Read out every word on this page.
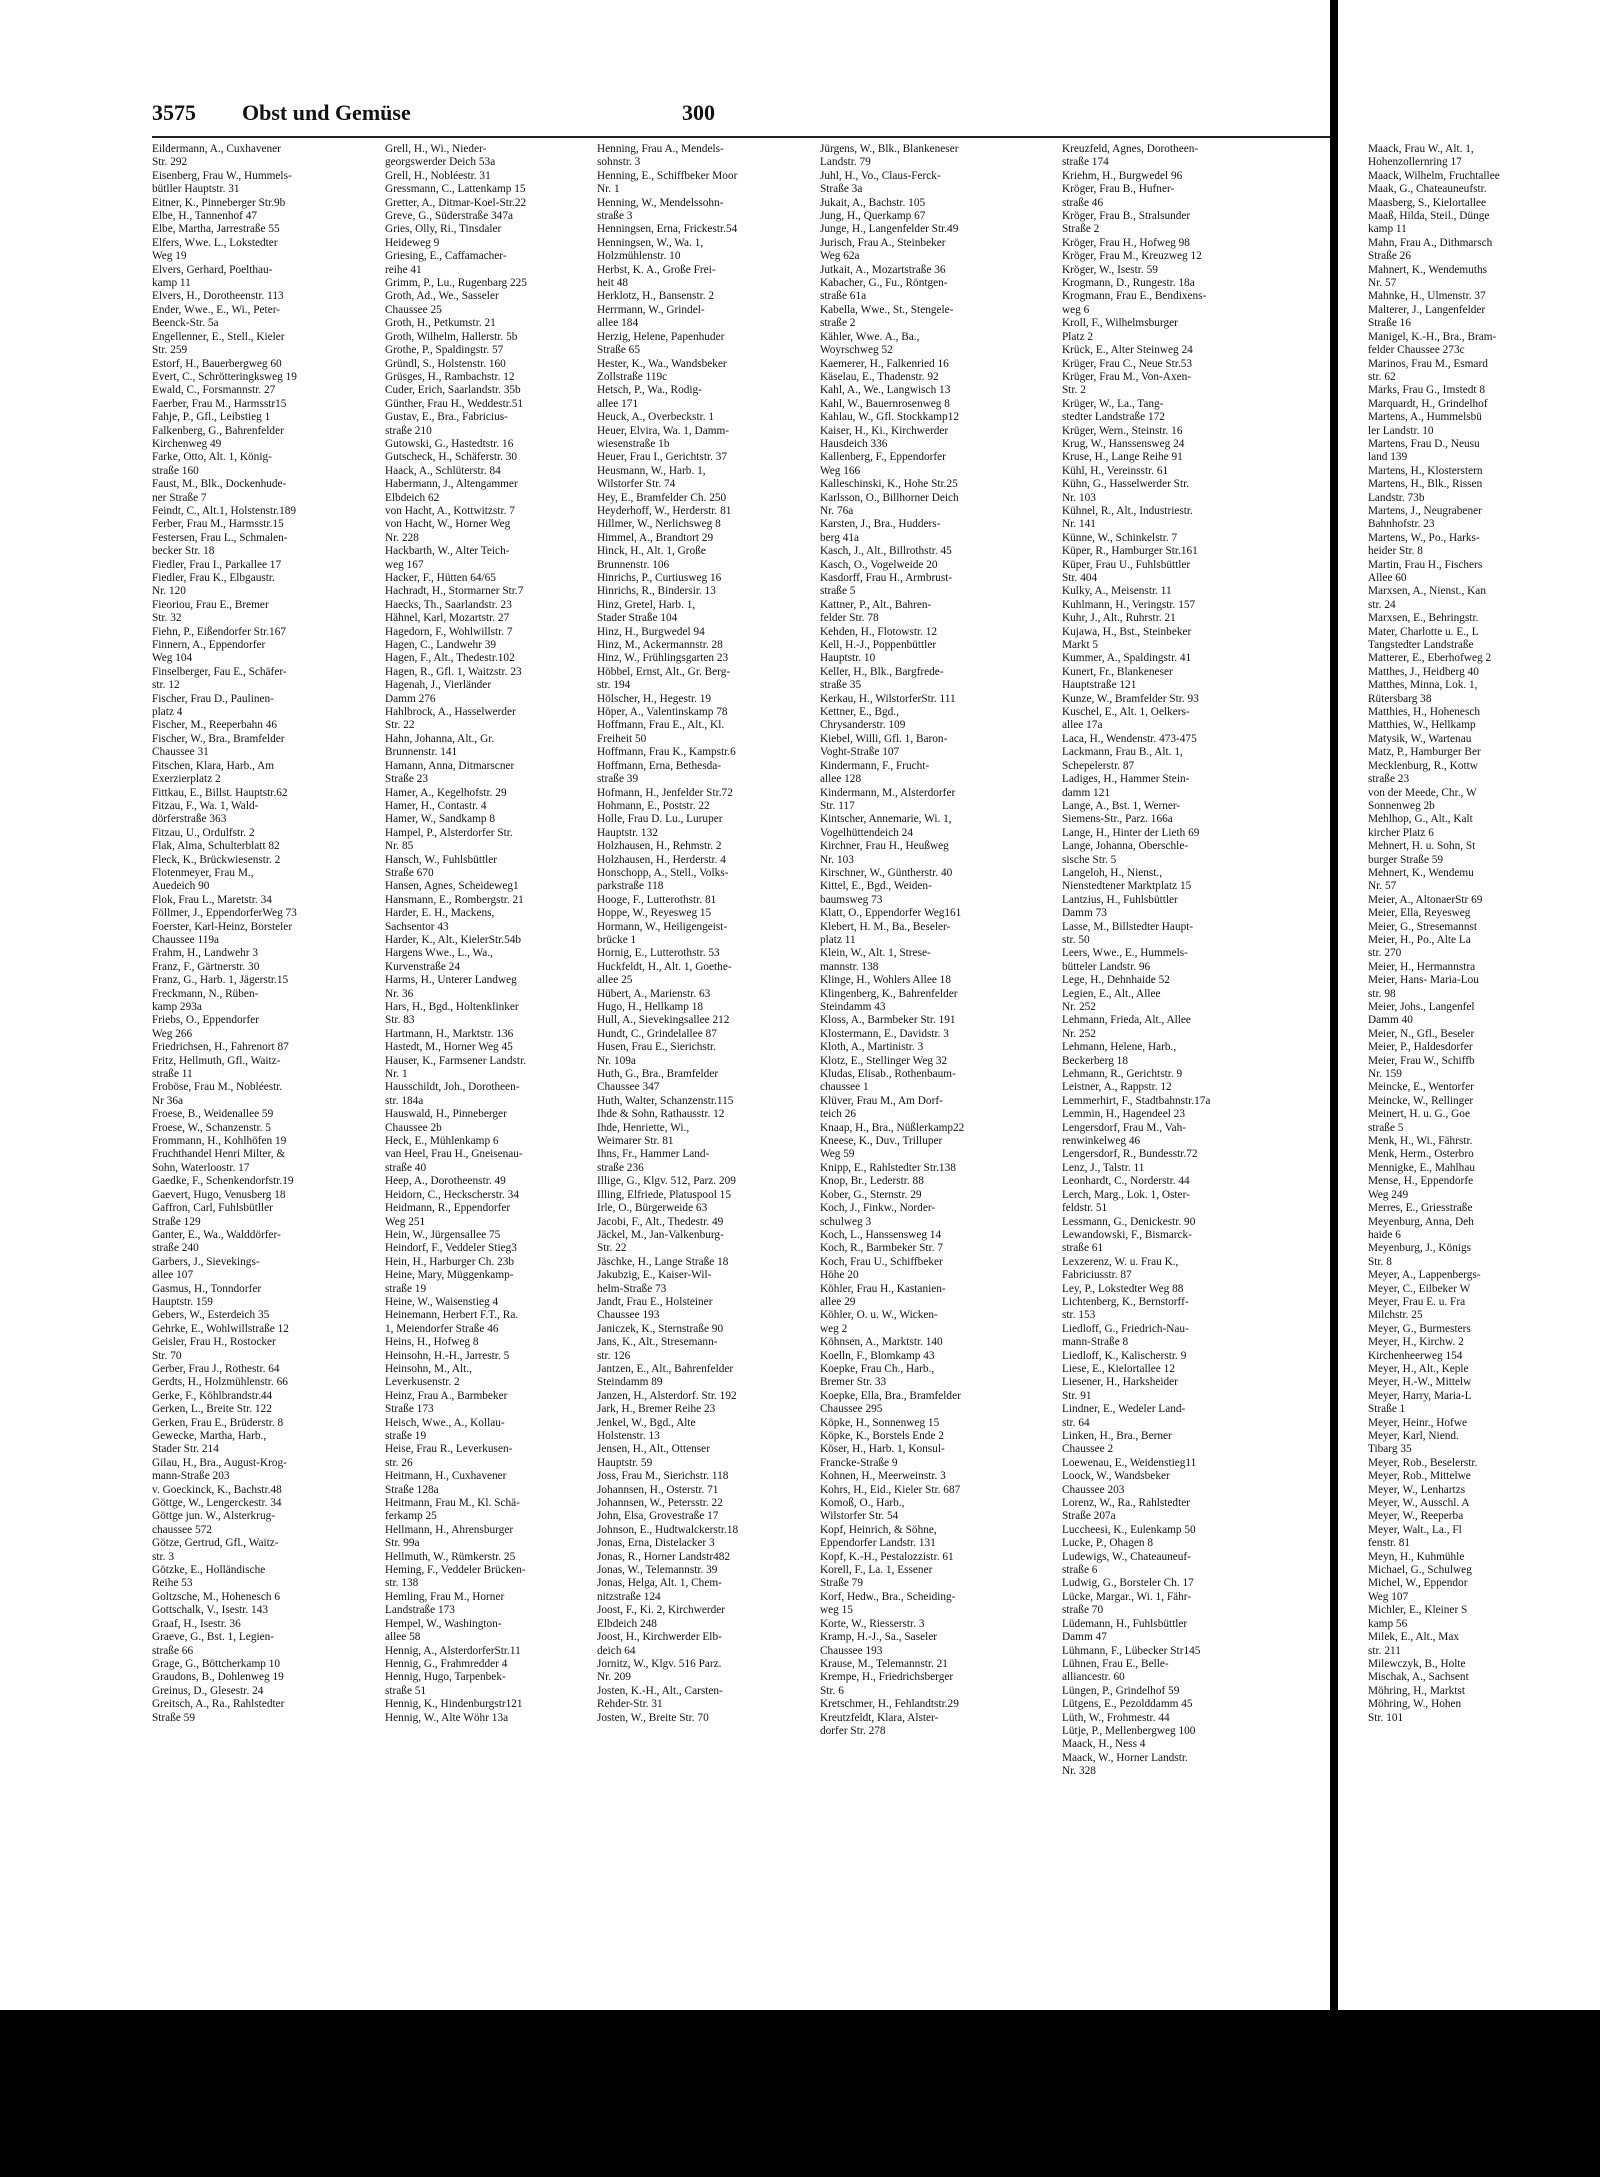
Maack, Frau W., Alt. 1,
Hohenzollernring 17
Maack, Wilhelm, Fruchtallee
Maak, G., Chateauneufstr.
Maasberg, S., Kielortallee
Maaß, Hilda, Steil., Dünge
kamp 11
Mahn, Frau A., Dithmarsch
Straße 26
Mahnert, K., Wendemuths
Nr. 57
Mahnke, H., Ulmenstr. 37
Malterer, J., Langenfelder
Straße 16
Manigel, K.-H., Bra., Bram-
felder Chaussee 273c
Marinos, Frau M., Esmard
str. 62
Marks, Frau G., Imstedt 8
Marquardt, H., Grindelhof
Martens, A., Hummelsbü
ler Landstr. 10
Martens, Frau D., Neusu
land 139
Martens, H., Klosterstern
Martens, H., Blk., Rissen
Landstr. 73b
Martens, J., Neugrabener
Bahnhofstr. 23
Martens, W., Po., Harks-
heider Str. 8
Martin, Frau H., Fischers
Allee 60
Marxsen, A., Nienst., Kan
str. 24
Marxsen, E., Behringstr.
Mater, Charlotte u. E., L
Tangstedter Landstraße
Matterer, E., Eberhofweg 2
Matthes, J., Heidberg 40
Matthes, Minna, Lok. 1,
Rütersbarg 38
Matthies, H., Hohenesch
Matthies, W., Hellkamp
Matysik, W., Wartenau
Matz, P., Hamburger Ber
Mecklenburg, R., Kottw
straße 23
von der Meede, Chr., W
Sonnenweg 2b
Mehlhop, G., Alt., Kalt
kircher Platz 6
Mehnert, H. u. Sohn, St
burger Straße 59
Mehnert, K., Wendemu
Nr. 57
Meier, A., AltonaerStr 69
Meier, Ella, Reyesweg
Meier, G., Stresemannst
Meier, H., Po., Alte La
str. 270
Meier, H., Hermannstra
Meier, Hans- Maria-Lou
str. 98
Meier, Johs., Langenfel
Damm 40
Meier, N., Gfl., Beseler
Meier, P., Haldesdorfer
Meier, Frau W., Schiffb
Nr. 159
Meincke, E., Wentorfer
Meincke, W., Rellinger
Meinert, H. u. G., Goe
straße 5
Menk, H., Wi., Fährstr.
Menk, Herm., Osterbro
Mennigke, E., Mahlhau
Mense, H., Eppendorfe
Weg 249
Merres, E., Griesstraße
Meyenburg, Anna, Deh
haide 6
Meyenburg, J., Königs
Str. 8
Meyer, A., Lappenbergs-
Meyer, C., Eilbeker W
Meyer, Frau E. u. Fra
Milchstr. 25
Meyer, G., Burmesters
Meyer, H., Kirchw. 2
Kirchenheerweg 154
Meyer, H., Alt., Keple
Meyer, H.-W., Mittelw
Meyer, Harry, Maria-L
Straße 1
Meyer, Heinr., Hofwe
Meyer, Karl, Niend.
Tibarg 35
Meyer, Rob., Beselerstr.
Meyer, Rob., Mittelwe
Meyer, W., Lenhartzs
Meyer, W., Ausschl. A
Meyer, W., Reeperba
Meyer, Walt., La., Fl
fenstr. 81
Meyn, H., Kuhmühle
Michael, G., Schulweg
Michel, W., Eppendor
Weg 107
Michler, E., Kleiner S
kamp 56
Milek, E., Alt., Max
str. 211
Milewczyk, B., Holte
Mischak, A., Sachsent
Möhring, H., Marktst
Möhring, W., Hohen
Str. 101
3575 Obst und Gemüse	300
Eildermann, A., Cuxhavener
Str. 292
Eisenberg, Frau W., Hummels-
bütller Hauptstr. 31
Eitner, K., Pinneberger Str.9b
Elbe, H., Tannenhof 47
Elbe, Martha, Jarrestraße 55
Elfers, Wwe. L., Lokstedter
Weg 19
Elvers, Gerhard, Poelthau-
kamp 11
Elvers, H., Dorotheenstr. 113
Ender, Wwe., E., Wi., Peter-
Beenck-Str. 5a
Engellenner, E., Stell., Kieler
Str. 259
Estorf, H., Bauerbergweg 60
Evert, C., Schrötteringksweg 19
Ewald, C., Forsmannstr. 27
Faerber, Frau M., Harmsstr15
Fahje, P., Gfl., Leibstieg 1
Falkenberg, G., Bahrenfelder
Kirchenweg 49
Farke, Otto, Alt. 1, König-
straße 160
Faust, M., Blk., Dockenhude-
ner Straße 7
Feindt, C., Alt.1, Holstenstr.189
Ferber, Frau M., Harmsstr.15
Festersen, Frau L., Schmalen-
becker Str. 18
Fiedler, Frau I., Parkallee 17
Fiedler, Frau K., Elbgaustr.
Nr. 120
Fieoriou, Frau E., Bremer
Str. 32
Fiehn, P., Eißendorfer Str.167
Finnern, A., Eppendorfer
Weg 104
Finselberger, Fau E., Schäfer-
str. 12
Fischer, Frau D., Paulinen-
platz 4
Fischer, M., Reeperbahn 46
Fischer, W., Bra., Bramfelder
Chaussee 31
Fitschen, Klara, Harb., Am
Exerzierplatz 2
Fittkau, E., Billst. Hauptstr.62
Fitzau, F., Wa. 1, Wald-
dörferstraße 363
Fitzau, U., Ordulfstr. 2
Flak, Alma, Schulterblatt 82
Fleck, K., Brückwiesenstr. 2
Flotenmeyer, Frau M.,
Auedeich 90
Flok, Frau L., Maretstr. 34
Föllmer, J., EppendorferWeg 73
Foerster, Karl-Heinz, Borsteler
Chaussee 119a
Frahm, H., Landwehr 3
Franz, F., Gärtnerstr. 30
Franz, G., Harb. 1, Jägerstr.15
Freckmann, N., Rüben-
kamp 293a
Friebs, O., Eppendorfer
Weg 266
Friedrichsen, H., Fahrenort 87
Fritz, Hellmuth, Gfl., Waitz-
straße 11
Froböse, Frau M., Nobléestr.
Nr 36a
Froese, B., Weidenallee 59
Froese, W., Schanzenstr. 5
Frommann, H., Kohlhöfen 19
Fruchthandel Henri Milter, &
Sohn, Waterloostr. 17
Gaedke, F., Schenkendorfstr.19
Gaevert, Hugo, Venusberg 18
Gaffron, Carl, Fuhlsbütller
Straße 129
Ganter, E., Wa., Walddörfer-
straße 240
Garbers, J., Sievekings-
allee 107
Gasmus, H., Tonndorfer
Hauptstr. 159
Gebers, W., Esterdeich 35
Gehrke, E., Wohlwillstraße 12
Geisler, Frau H., Rostocker
Str. 70
Gerber, Frau J., Rothestr. 64
Gerdts, H., Holzmühlenstr. 66
Gerke, F., Köhlbrandstr.44
Gerken, L., Breite Str. 122
Gerken, Frau E., Brüderstr. 8
Gewecke, Martha, Harb.,
Stader Str. 214
Gilau, H., Bra., August-Krog-
mann-Straße 203
v. Goeckinck, K., Bachstr.48
Göttge, W., Lengerckestr. 34
Göttge jun. W., Alsterkrug-
chaussee 572
Götze, Gertrud, Gfl., Waitz-
str. 3
Götzke, E., Holländische
Reihe 53
Goltzsche, M., Hohenesch 6
Gottschalk, V., Isestr. 143
Graaf, H., Isestr. 36
Graeve, G., Bst. 1, Legien-
straße 66
Grage, G., Böttcherkamp 10
Graudons, B., Dohlenweg 19
Greinus, D., Glesestr. 24
Greitsch, A., Ra., Rahlstedter
Straße 59
Grell, H., Wi., Nieder-
georgswerder Deich 53a
Grell, H., Nobléestr. 31
Gressmann, C., Lattenkamp 15
Gretter, A., Ditmar-Koel-Str.22
Greve, G., Süderstraße 347a
Gries, Olly, Ri., Tinsdaler
Heideweg 9
Griesing, E., Caffamacher-
reihe 41
Grimm, P., Lu., Rugenbarg 225
Groth, Ad., We., Sasseler
Chaussee 25
Groth, H., Petkumstr. 21
Groth, Wilhelm, Hallerstr. 5b
Grothe, P., Spaldingstr. 57
Gründl, S., Holstenstr. 160
Grüsges, H., Rambachstr. 12
Cuder, Erich, Saarlandstr. 35b
Günther, Frau H., Weddestr.51
Gustav, E., Bra., Fabricius-
straße 210
Gutowski, G., Hastedtstr. 16
Gutscheck, H., Schäferstr. 30
Haack, A., Schlüterstr. 84
Habermann, J., Altengammer
Elbdeich 62
von Hacht, A., Kottwitzstr. 7
von Hacht, W., Horner Weg
Nr. 228
Hackbarth, W., Alter Teich-
weg 167
Hacker, F., Hütten 64/65
Hachradt, H., Stormarner Str.7
Haecks, Th., Saarlandstr. 23
Hähnel, Karl, Mozartstr. 27
Hagedorn, F., Wohlwillstr. 7
Hagen, C., Landwehr 39
Hagen, F., Alt., Thedestr.102
Hagen, R., Gfl. 1, Waitzstr. 23
Hagenah, J., Vierländer
Damm 276
Hahlbrock, A., Hasselwerder
Str. 22
Hahn, Johanna, Alt., Gr.
Brunnenstr. 141
Hamann, Anna, Ditmarscner
Straße 23
Hamer, A., Kegelhofstr. 29
Hamer, H., Contastr. 4
Hamer, W., Sandkamp 8
Hampel, P., Alsterdorfer Str.
Nr. 85
Hansch, W., Fuhlsbüttler
Straße 670
Hansen, Agnes, Scheideweg1
Hansmann, E., Rombergstr. 21
Harder, E. H., Mackens,
Sachsentor 43
Harder, K., Alt., KielerStr.54b
Hargens Wwe., L., Wa.,
Kurvenstraße 24
Harms, H., Unterer Landweg
Nr. 36
Hars, H., Bgd., Holtenklinker
Str. 83
Hartmann, H., Marktstr. 136
Hastedt, M., Horner Weg 45
Hauser, K., Farmsener Landstr.
Nr. 1
Hausschildt, Joh., Dorotheen-
str. 184a
Hauswald, H., Pinneberger
Chaussee 2b
Heck, E., Mühlenkamp 6
van Heel, Frau H., Gneisenau-
straße 40
Heep, A., Dorotheenstr. 49
Heidorn, C., Heckscherstr. 34
Heidmann, R., Eppendorfer
Weg 251
Hein, W., Jürgensallee 75
Heindorf, F., Veddeler Stieg3
Hein, H., Harburger Ch. 23b
Heine, Mary, Müggenkamp-
straße 19
Heine, W., Waisenstieg 4
Heinemann, Herbert F.T., Ra.
1, Meiendorfer Straße 46
Heins, H., Hofweg 8
Heinsohn, H.-H., Jarrestr. 5
Heinsohn, M., Alt.,
Leverkusenstr. 2
Heinz, Frau A., Barmbeker
Straße 173
Heisch, Wwe., A., Kollau-
straße 19
Heise, Frau R., Leverkusen-
str. 26
Heitmann, H., Cuxhavener
Straße 128a
Heitmann, Frau M., Kl. Schä-
ferkamp 25
Hellmann, H., Ahrensburger
Str. 99a
Hellmuth, W., Rümkerstr. 25
Heming, F., Veddeler Brücken-
str. 138
Hemling, Frau M., Horner
Landstraße 173
Hempel, W., Washington-
allee 58
Hennig, A., AlsterdorferStr.11
Hennig, G., Frahmredder 4
Hennig, Hugo, Tarpenbek-
straße 51
Hennig, K., Hindenburgstr121
Hennig, W., Alte Wöhr 13a
Henning, Frau A., Mendels-
sohnstr. 3
Henning, E., Schiffbeker Moor
Nr. 1
Henning, W., Mendelssohn-
straße 3
Henningsen, Erna, Frickestr.54
Henningsen, W., Wa. 1,
Holzmühlenstr. 10
Herbst, K. A., Große Frei-
heit 48
Herklotz, H., Bansenstr. 2
Herrmann, W., Grindel-
allee 184
Herzig, Helene, Papenhuder
Straße 65
Hester, K., Wa., Wandsbeker
Zollstraße 119c
Hetsch, P., Wa., Rodig-
allee 171
Heuck, A., Overbeckstr. 1
Heuer, Elvira, Wa. 1, Damm-
wiesenstraße 1b
Heuer, Frau I., Gerichtstr. 37
Heusmann, W., Harb. 1,
Wilstorfer Str. 74
Hey, E., Bramfelder Ch. 250
Heyderhoff, W., Herderstr. 81
Hillmer, W., Nerlichsweg 8
Himmel, A., Brandtort 29
Hinck, H., Alt. 1, Große
Brunnenstr. 106
Hinrichs, P., Curtiusweg 16
Hinrichs, R., Bindersir. 13
Hinz, Gretel, Harb. 1,
Stader Straße 104
Hinz, H., Burgwedel 94
Hinz, M., Ackermannstr. 28
Hinz, W., Frühlingsgarten 23
Höbbel, Ernst, Alt., Gr. Berg-
str. 194
Hölscher, H., Hegestr. 19
Höper, A., Valentinskamp 78
Hoffmann, Frau E., Alt., Kl.
Freiheit 50
Hoffmann, Frau K., Kampstr.6
Hoffmann, Erna, Bethesda-
straße 39
Hofmann, H., Jenfelder Str.72
Hohmann, E., Poststr. 22
Holle, Frau D. Lu., Luruper
Hauptstr. 132
Holzhausen, H., Rehmstr. 2
Holzhausen, H., Herderstr. 4
Honschopp, A., Stell., Volks-
parkstraße 118
Hooge, F., Lutterothstr. 81
Hoppe, W., Reyesweg 15
Hormann, W., Heiligengeist-
brücke 1
Hornig, E., Lutterothstr. 53
Huckfeldt, H., Alt. 1, Goethe-
allee 25
Hübert, A., Marienstr. 63
Hugo, H., Hellkamp 18
Hull, A., Sievekingsallee 212
Hundt, C., Grindelallee 87
Husen, Frau E., Sierichstr.
Nr. 109a
Huth, G., Bra., Bramfelder
Chaussee 347
Huth, Walter, Schanzenstr.115
Ihde & Sohn, Rathausstr. 12
Ihde, Henriette, Wi.,
Weimarer Str. 81
Ihns, Fr., Hammer Land-
straße 236
Illige, G., Klgv. 512, Parz. 209
Illing, Elfriede, Platuspool 15
Irle, O., Bürgerweide 63
Jacobi, F., Alt., Thedestr. 49
Jäckel, M., Jan-Valkenburg-
Str. 22
Jäschke, H., Lange Straße 18
Jakubzig, E., Kaiser-Wil-
helm-Straße 73
Jandt, Frau E., Holsteiner
Chaussee 193
Janiczek, K., Sternstraße 90
Jans, K., Alt., Stresemann-
str. 126
Jantzen, E., Alt., Bahrenfelder
Steindamm 89
Janzen, H., Alsterdorf. Str. 192
Jark, H., Bremer Reihe 23
Jenkel, W., Bgd., Alte
Holstenstr. 13
Jensen, H., Alt., Ottenser
Hauptstr. 59
Joss, Frau M., Sierichstr. 118
Johannsen, H., Osterstr. 71
Johannsen, W., Petersstr. 22
John, Elsa, Grovestraße 17
Johnson, E., Hudtwalckerstr.18
Jonas, Erna, Distelacker 3
Jonas, R., Horner Landstr482
Jonas, W., Telemannstr. 39
Jonas, Helga, Alt. 1, Chem-
nitzstraße 124
Joost, F., Ki. 2, Kirchwerder
Elbdeich 248
Joost, H., Kirchwerder Elb-
deich 64
Jornitz, W., Klgv. 516 Parz.
Nr. 209
Josten, K.-H., Alt., Carsten-
Rehder-Str. 31
Josten, W., Breite Str. 70
Jürgens, W., Blk., Blankeneser
Landstr. 79
Juhl, H., Vo., Claus-Ferck-
Straße 3a
Jukait, A., Bachstr. 105
Jung, H., Querkamp 67
Junge, H., Langenfelder Str.49
Jurisch, Frau A., Steinbeker
Weg 62a
Jutkait, A., Mozartstraße 36
Kabacher, G., Fu., Röntgen-
straße 61a
Kabella, Wwe., St., Stengele-
straße 2
Kähler, Wwe. A., Ba.,
Woyrschweg 52
Kaemerer, H., Falkenried 16
Käselau, E., Thadenstr. 92
Kahl, A., We., Langwisch 13
Kahl, W., Bauernrosenweg 8
Kahlau, W., Gfl. Stockkamp12
Kaiser, H., Ki., Kirchwerder
Hausdeich 336
Kallenberg, F., Eppendorfer
Weg 166
Kalleschinski, K., Hohe Str.25
Karlsson, O., Billhorner Deich
Nr. 76a
Karsten, J., Bra., Hudders-
berg 41a
Kasch, J., Alt., Billrothstr. 45
Kasch, O., Vogelweide 20
Kasdorff, Frau H., Armbrust-
straße 5
Kattner, P., Alt., Bahren-
felder Str. 78
Kehden, H., Flotowstr. 12
Kell, H.-J., Poppenbüttler
Hauptstr. 10
Keller, H., Blk., Bargfrede-
straße 35
Kerkau, H., WilstorferStr. 111
Kettner, E., Bgd.,
Chrysanderstr. 109
Kiebel, Willi, Gfl. 1, Baron-
Voght-Straße 107
Kindermann, F., Frucht-
allee 128
Kindermann, M., Alsterdorfer
Str. 117
Kintscher, Annemarie, Wi. 1,
Vogelhüttendeich 24
Kirchner, Frau H., Heußweg
Nr. 103
Kirschner, W., Güntherstr. 40
Kittel, E., Bgd., Weiden-
baumsweg 73
Klatt, O., Eppendorfer Weg161
Klebert, H. M., Ba., Beseler-
platz 11
Klein, W., Alt. 1, Strese-
mannstr. 138
Klinge, H., Wohlers Allee 18
Klingenberg, K., Bahrenfelder
Steindamm 43
Kloss, A., Barmbeker Str. 191
Klostermann, E., Davidstr. 3
Kloth, A., Martinistr. 3
Klotz, E., Stellinger Weg 32
Kludas, Elisab., Rothenbaum-
chaussee 1
Klüver, Frau M., Am Dorf-
teich 26
Knaap, H., Bra., Nüßlerkamp22
Kneese, K., Duv., Trilluper
Weg 59
Knipp, E., Rahlstedter Str.138
Knop, Br., Lederstr. 88
Kober, G., Sternstr. 29
Koch, J., Finkw., Norder-
schulweg 3
Koch, L., Hanssensweg 14
Koch, R., Barmbeker Str. 7
Koch, Frau U., Schiffbeker
Höhe 20
Köhler, Frau H., Kastanien-
allee 29
Köhler, O. u. W., Wicken-
weg 2
Köhnsen, A., Marktstr. 140
Koelln, F., Blomkamp 43
Koepke, Frau Ch., Harb.,
Bremer Str. 33
Koepke, Ella, Bra., Bramfelder
Chaussee 295
Köpke, H., Sonnenweg 15
Köpke, K., Borstels Ende 2
Köser, H., Harb. 1, Konsul-
Francke-Straße 9
Kohnen, H., Meerweinstr. 3
Kohrs, H., Eid., Kieler Str. 687
Komoß, O., Harb.,
Wilstorfer Str. 54
Kopf, Heinrich, & Söhne,
Eppendorfer Landstr. 131
Kopf, K.-H., Pestalozzistr. 61
Korell, F., La. 1, Essener
Straße 79
Korf, Hedw., Bra., Scheiding-
weg 15
Korte, W., Riesserstr. 3
Kramp, H.-J., Sa., Saseler
Chaussee 193
Krause, M., Telemannstr. 21
Krempe, H., Friedrichsberger
Str. 6
Kretschmer, H., Fehlandtstr.29
Kreutzfeldt, Klara, Alster-
dorfer Str. 278
Kreuzfeld, Agnes, Dorotheen-
straße 174
Kriehm, H., Burgwedel 96
Kröger, Frau B., Hufner-
straße 46
Kröger, Frau B., Stralsunder
Straße 2
Kröger, Frau H., Hofweg 98
Kröger, Frau M., Kreuzweg 12
Kröger, W., Isestr. 59
Krogmann, D., Rungestr. 18a
Krogmann, Frau E., Bendixens-
weg 6
Kroll, F., Wilhelmsburger
Platz 2
Krück, E., Alter Steinweg 24
Krüger, Frau C., Neue Str.53
Krüger, Frau M., Von-Axen-
Str. 2
Krüger, W., La., Tang-
stedter Landstraße 172
Krüger, Wern., Steinstr. 16
Krug, W., Hanssensweg 24
Kruse, H., Lange Reihe 91
Kühl, H., Vereinsstr. 61
Kühn, G., Hasselwerder Str.
Nr. 103
Kühnel, R., Alt., Industriestr.
Nr. 141
Künne, W., Schinkelstr. 7
Küper, R., Hamburger Str.161
Küper, Frau U., Fuhlsbüttler
Str. 404
Kulky, A., Meisenstr. 11
Kuhlmann, H., Veringstr. 157
Kuhr, J., Alt., Ruhrstr. 21
Kujawa, H., Bst., Steinbeker
Markt 5
Kummer, A., Spaldingstr. 41
Kunert, Fr., Blankeneser
Hauptstraße 121
Kunze, W., Bramfelder Str. 93
Kuschel, E., Alt. 1, Oelkers-
allee 17a
Laca, H., Wendenstr. 473-475
Lackmann, Frau B., Alt. 1,
Schepelerstr. 87
Ladiges, H., Hammer Stein-
damm 121
Lange, A., Bst. 1, Werner-
Siemens-Str., Parz. 166a
Lange, H., Hinter der Lieth 69
Lange, Johanna, Oberschle-
sische Str. 5
Langeloh, H., Nienst.,
Nienstedtener Marktplatz 15
Lantzius, H., Fuhlsbüttler
Damm 73
Lasse, M., Billstedter Haupt-
str. 50
Leers, Wwe., E., Hummels-
bütteler Landstr. 96
Lege, H., Dehnhaide 52
Legien, E., Alt., Allee
Nr. 252
Lehmann, Frieda, Alt., Allee
Nr. 252
Lehmann, Helene, Harb.,
Beckerberg 18
Lehmann, R., Gerichtstr. 9
Leistner, A., Rappstr. 12
Lemmerhirt, F., Stadtbahnstr.17a
Lemmin, H., Hagendeel 23
Lengersdorf, Frau M., Vah-
renwinkelweg 46
Lengersdorf, R., Bundesstr.72
Lenz, J., Talstr. 11
Leonhardt, C., Norderstr. 44
Lerch, Marg., Lok. 1, Oster-
feldstr. 51
Lessmann, G., Denickestr. 90
Lewandowski, F., Bismarck-
straße 61
Lexzerenz, W. u. Frau K.,
Fabriciusstr. 87
Ley, P., Lokstedter Weg 88
Lichtenberg, K., Bernstorff-
str. 153
Liedloff, G., Friedrich-Nau-
mann-Straße 8
Liedloff, K., Kalischerstr. 9
Liese, E., Kielortallee 12
Liesener, H., Harksheider
Str. 91
Lindner, E., Wedeler Land-
str. 64
Linken, H., Bra., Berner
Chaussee 2
Loewenau, E., Weidenstieg11
Loock, W., Wandsbeker
Chaussee 203
Lorenz, W., Ra., Rahlstedter
Straße 207a
Luccheesi, K., Eulenkamp 50
Lucke, P., Ohagen 8
Ludewigs, W., Chateauneuf-
straße 6
Ludwig, G., Borsteler Ch. 17
Lücke, Margar., Wi. 1, Fähr-
straße 70
Lüdemann, H., Fuhlsbüttler
Damm 47
Lühmann, F., Lübecker Str145
Lühnen, Frau E., Belle-
alliancestr. 60
Lüngen, P., Grindelhof 59
Lütgens, E., Pezolddamm 45
Lüth, W., Frohmestr. 44
Lütje, P., Mellenbergweg 100
Maack, H., Ness 4
Maack, W., Horner Landstr.
Nr. 328
